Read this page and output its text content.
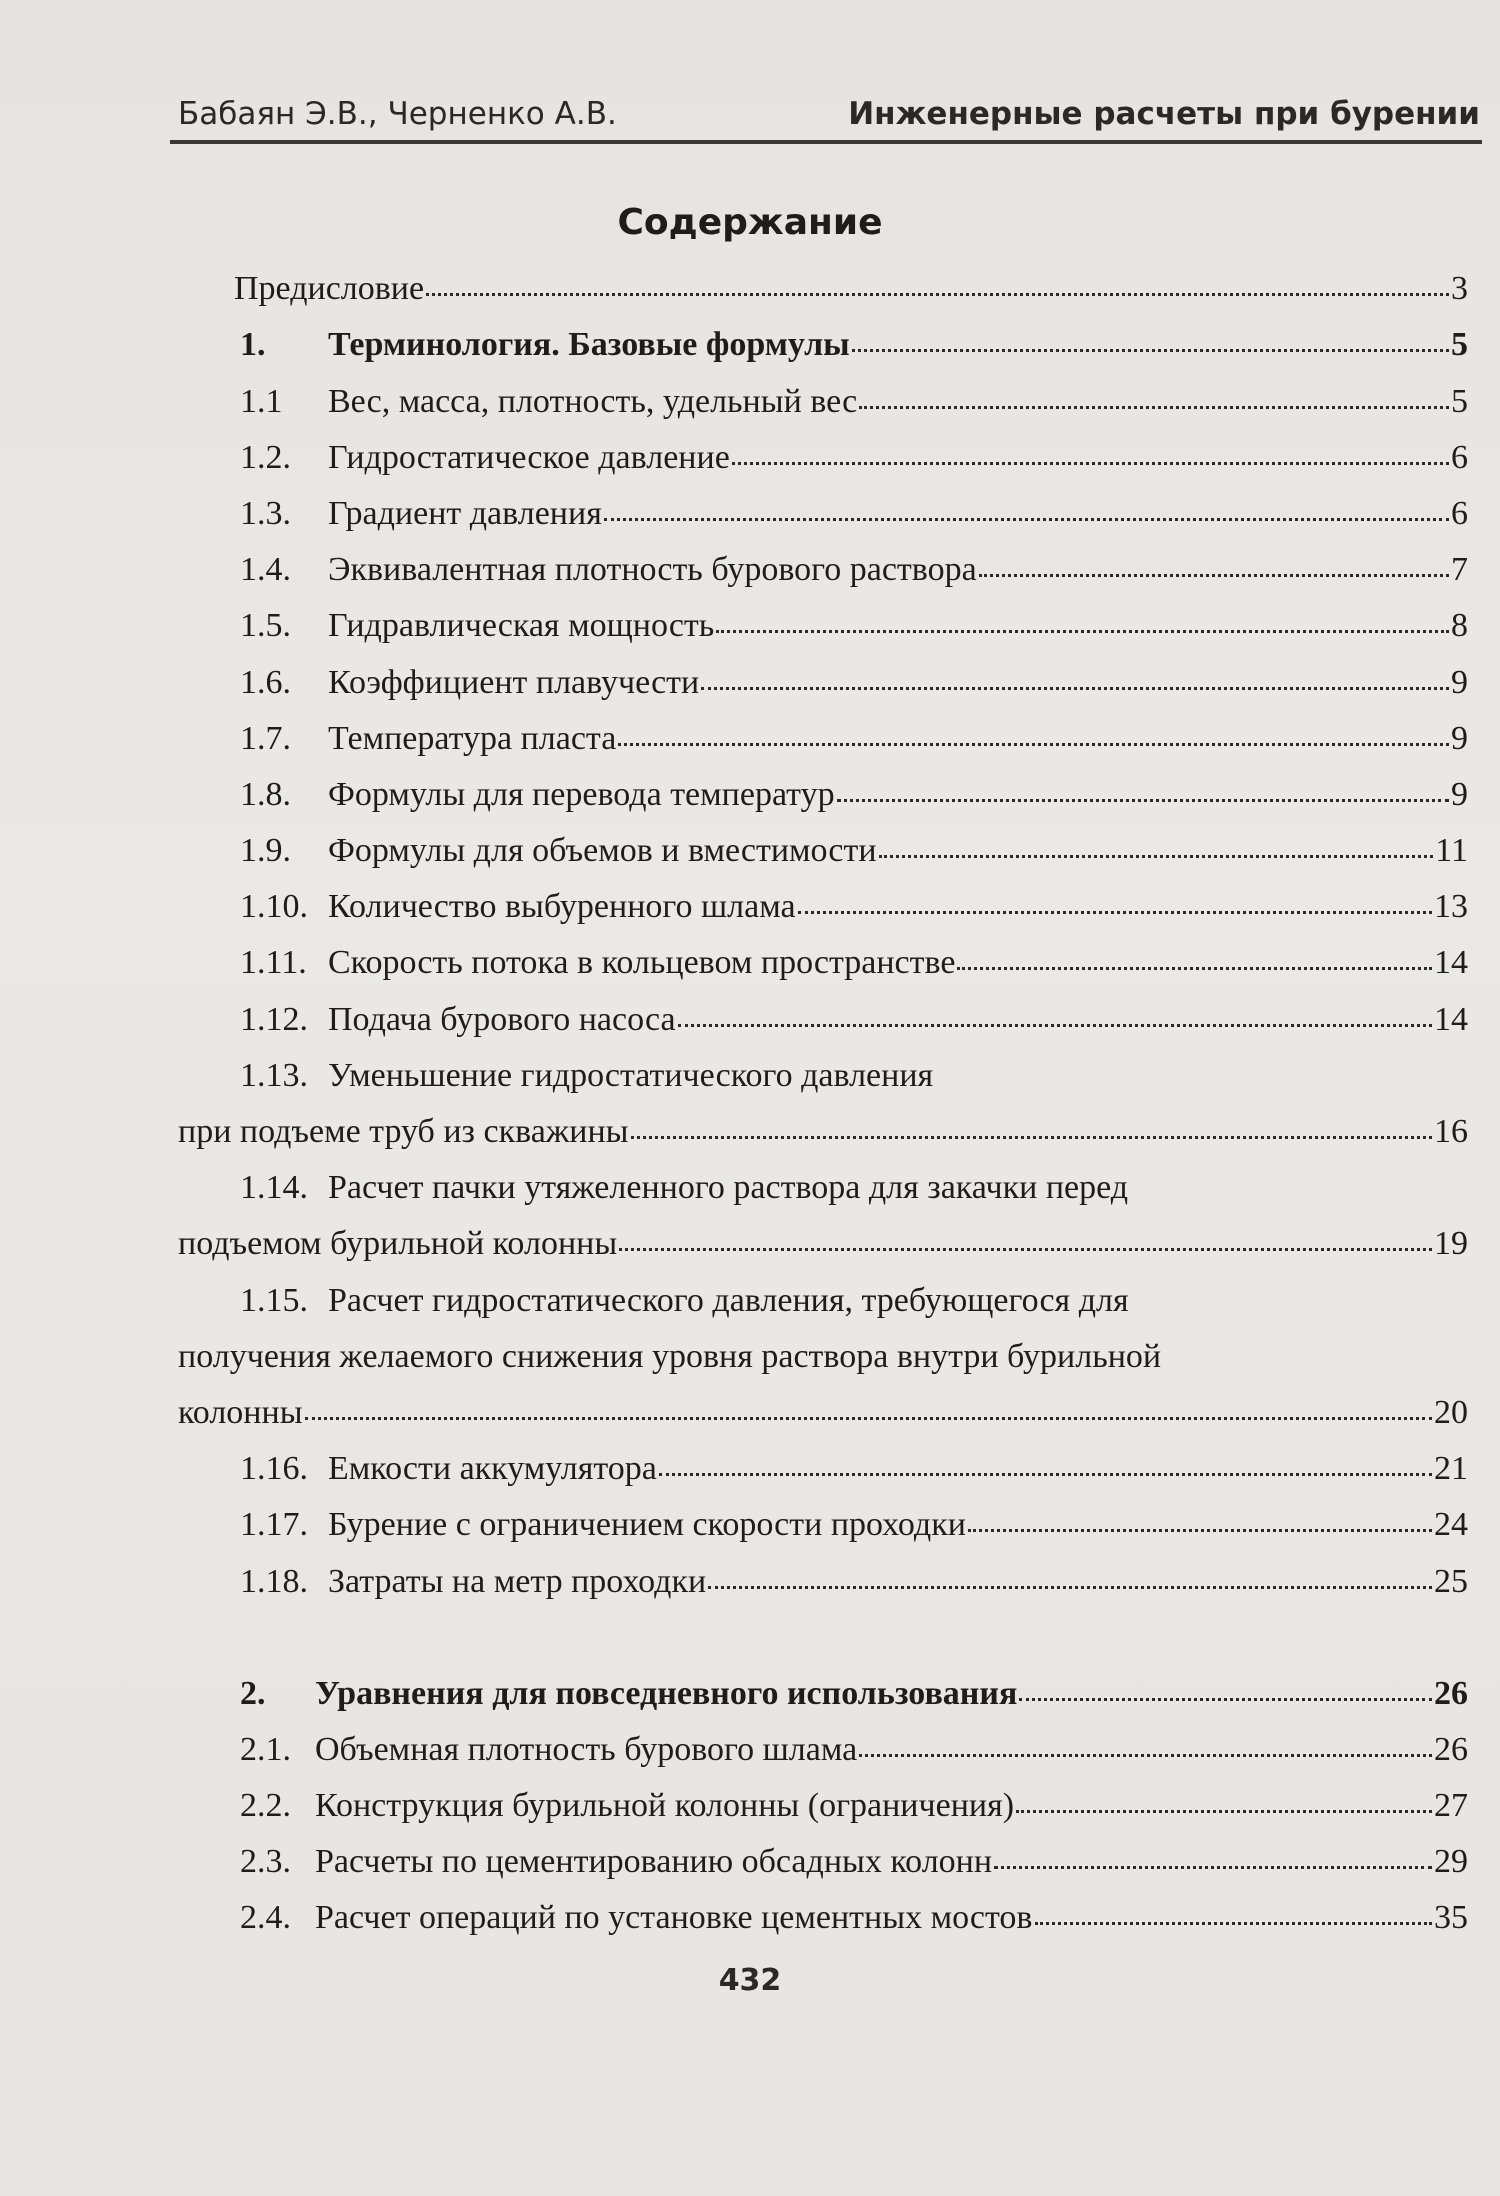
Бабаян Э.В., Черненко А.В.	Инженерные расчеты при бурении
Содержание
Предисловие	3
1.	Терминология. Базовые формулы	5
1.1	Вес, масса, плотность, удельный вес	5
1.2.	Гидростатическое давление	6
1.3.	Градиент давления	6
1.4.	Эквивалентная плотность бурового раствора	7
1.5.	Гидравлическая мощность	8
1.6.	Коэффициент плавучести	9
1.7.	Температура пласта	9
1.8.	Формулы для перевода температур	9
1.9.	Формулы для объемов и вместимости	11
1.10. Количество выбуренного шлама	13
1.11. Скорость потока в кольцевом пространстве	14
1.12. Подача бурового насоса	14
1.13. Уменьшение гидростатического давления
при подъеме труб из скважины	16
1.14. Расчет пачки утяжеленного раствора для закачки перед
подъемом бурильной колонны	19
1.15. Расчет гидростатического давления, требующегося для
получения желаемого снижения уровня раствора внутри бурильной
колонны	20
1.16. Емкости аккумулятора	21
1.17. Бурение с ограничением скорости проходки	24
1.18. Затраты на метр проходки	25
2.	Уравнения для повседневного использования	26
2.1. Объемная плотность бурового шлама	26
2.2. Конструкция бурильной колонны (ограничения)	27
2.3. Расчеты по цементированию обсадных колонн	29
2.4. Расчет операций по установке цементных мостов	35
432
